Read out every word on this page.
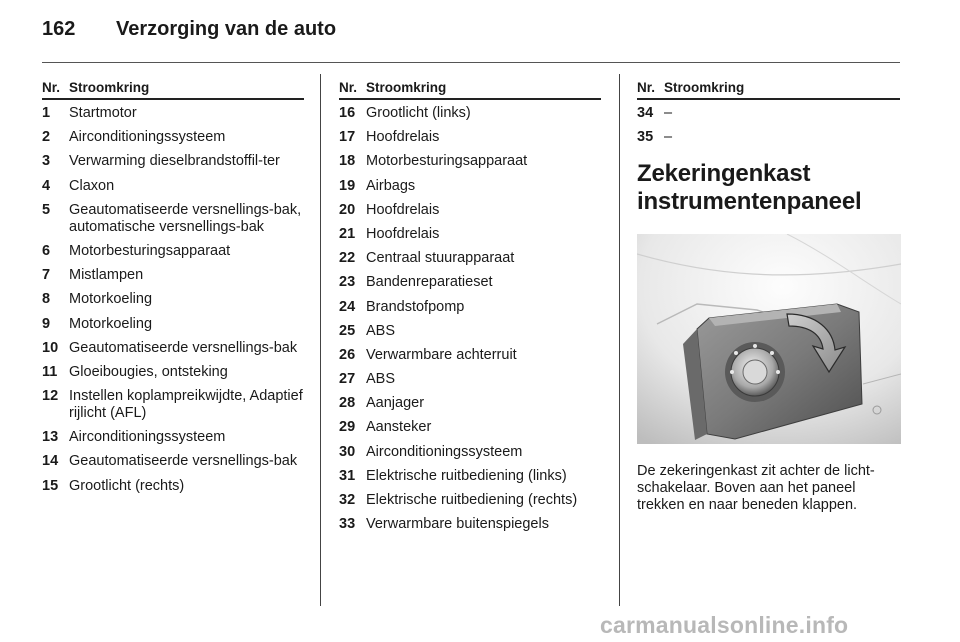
162 Verzorging van de auto
Nr. Stroomkring
1	Startmotor
2	Airconditioningssysteem
3	Verwarming dieselbrandstoffil-ter
4	Claxon
5	Geautomatiseerde versnellings-bak, automatische versnellings-bak
6	Motorbesturingsapparaat
7	Mistlampen
8	Motorkoeling
9	Motorkoeling
10 Geautomatiseerde versnellings-bak
11 Gloeibougies, ontsteking
12 Instellen koplampreikwijdte, Adaptief rijlicht (AFL)
13 Airconditioningssysteem
14 Geautomatiseerde versnellings-bak
15 Grootlicht (rechts)
Nr. Stroomkring
16 Grootlicht (links)
17 Hoofdrelais
18 Motorbesturingsapparaat
19 Airbags
20 Hoofdrelais
21 Hoofdrelais
22 Centraal stuurapparaat
23 Bandenreparatieset
24 Brandstofpomp
25 ABS
26 Verwarmbare achterruit
27 ABS
28 Aanjager
29 Aansteker
30 Airconditioningssysteem
31 Elektrische ruitbediening (links)
32 Elektrische ruitbediening (rechts)
33 Verwarmbare buitenspiegels
Nr. Stroomkring
34 –
35 –
Zekeringenkast instrumentenpaneel
De zekeringenkast zit achter de licht-schakelaar. Boven aan het paneel trekken en naar beneden klappen.
carmanualsonline.info
